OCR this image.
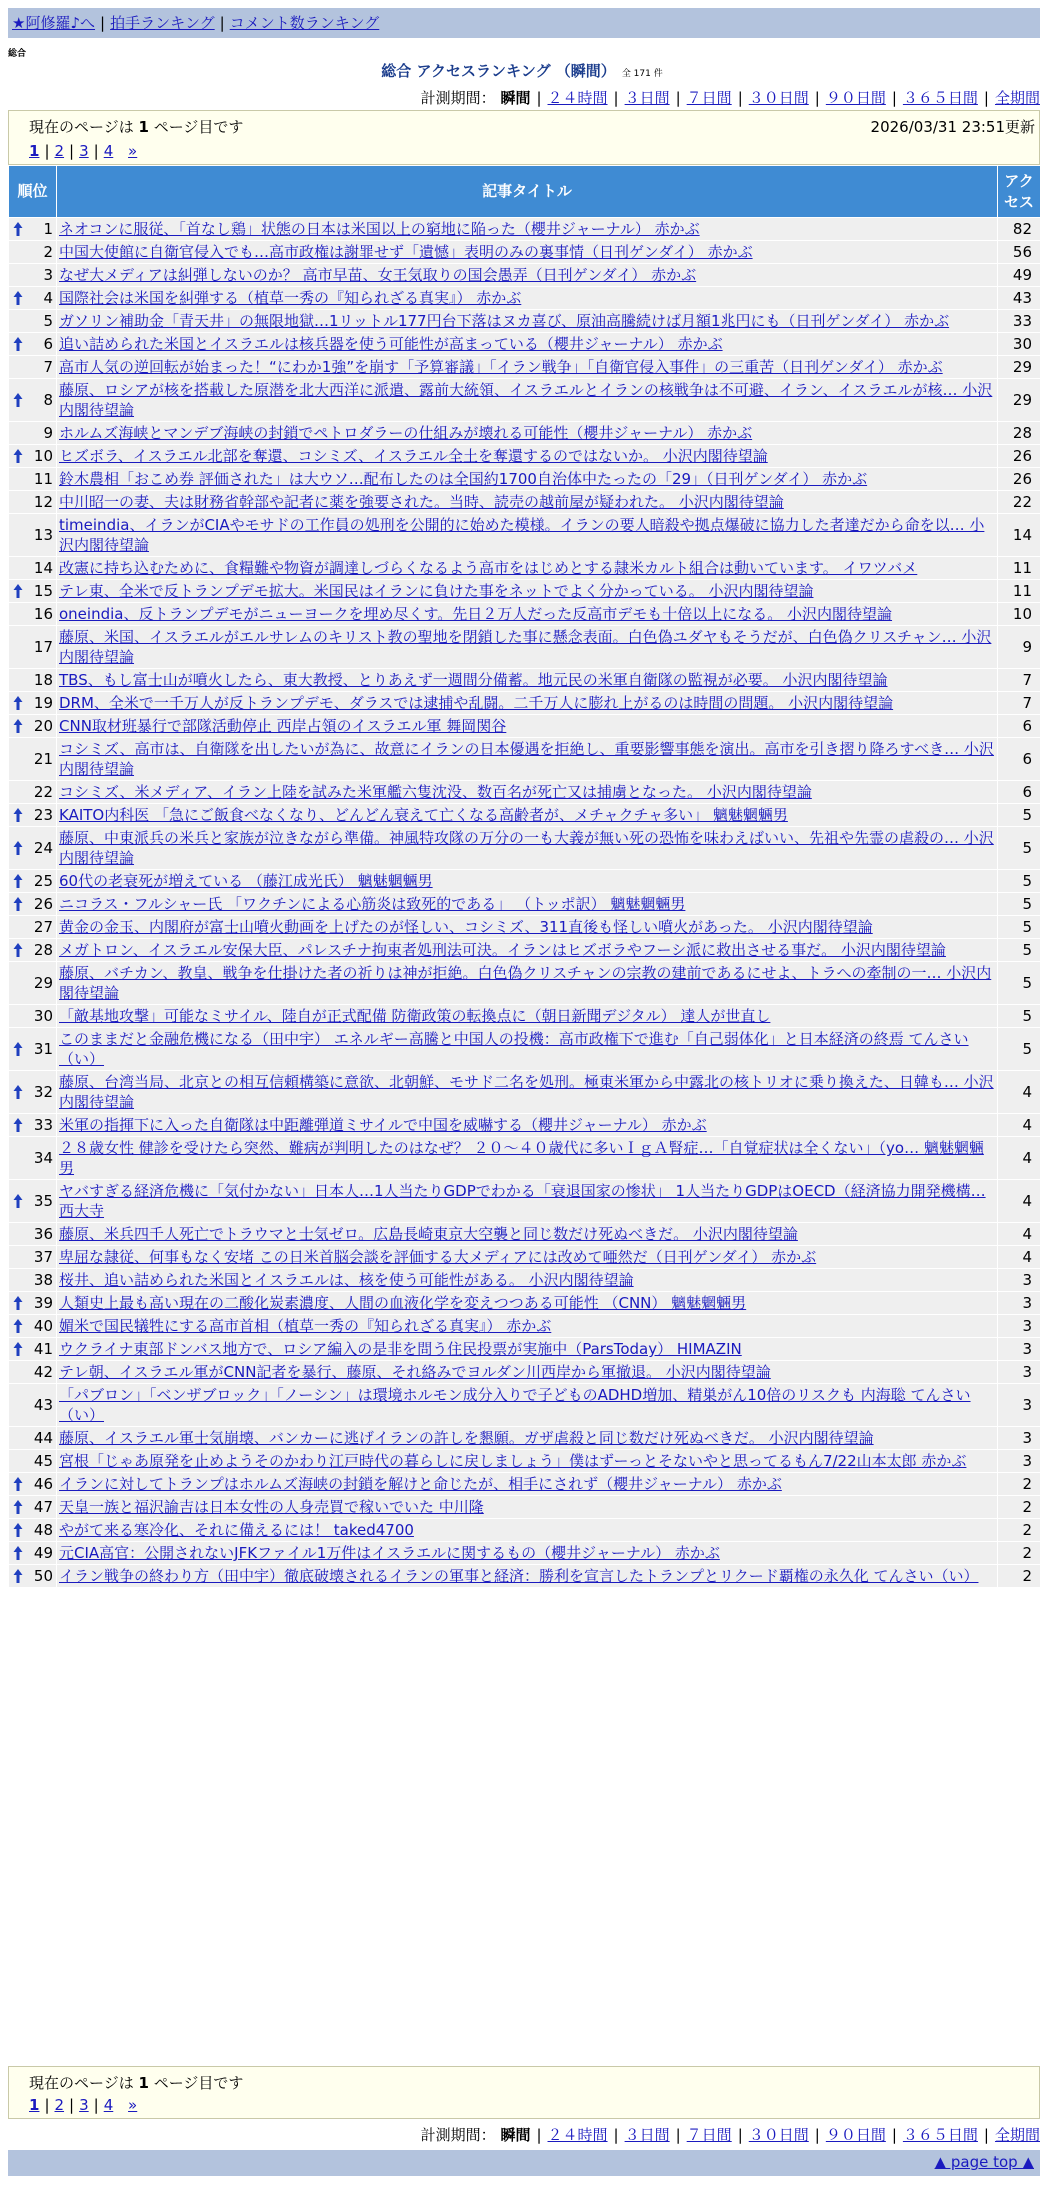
★阿修羅♪へ | 拍手ランキング | コメント数ランキング
総合
総合 アクセスランキング （瞬間） 全 171 件
計測期間： 瞬間 | ２４時間 | ３日間 | ７日間 | ３０日間 | ９０日間 | ３６５日間 | 全期間
現在のページは 1 ページ目です	2026/03/31 23:51更新
1 | 2 | 3 | 4 »
順位	記事タイトル	アクセス

1	ネオコンに服従、「首なし鶏」状態の日本は米国以上の窮地に陥った（櫻井ジャーナル） 赤かぶ	82
2	中国大使館に自衛官侵入でも…高市政権は謝罪せず「遺憾」表明のみの裏事情（日刊ゲンダイ） 赤かぶ	56
3	なぜ大メディアは糾弾しないのか？ 高市早苗、女王気取りの国会愚弄（日刊ゲンダイ） 赤かぶ	49

4	国際社会は米国を糾弾する（植草一秀の『知られざる真実』） 赤かぶ	43
5	ガソリン補助金「青天井」の無限地獄…1リットル177円台下落はヌカ喜び、原油高騰続けば月額1兆円にも（日刊ゲンダイ） 赤かぶ	33

6	追い詰められた米国とイスラエルは核兵器を使う可能性が高まっている（櫻井ジャーナル） 赤かぶ	30
7	高市人気の逆回転が始まった！“にわか1強”を崩す「予算審議」「イラン戦争」「自衛官侵入事件」の三重苦（日刊ゲンダイ） 赤かぶ	29

8	藤原、ロシアが核を搭載した原潜を北大西洋に派遣、露前大統領、イスラエルとイランの核戦争は不可避、イラン、イスラエルが核… 小沢内閣待望論	29
9	ホルムズ海峡とマンデブ海峡の封鎖でペトロダラーの仕組みが壊れる可能性（櫻井ジャーナル） 赤かぶ	28

10	ヒズボラ、イスラエル北部を奪還、コシミズ、イスラエル全土を奪還するのではないか。 小沢内閣待望論	26
11	鈴木農相「おこめ券 評価された」は大ウソ…配布したのは全国約1700自治体中たったの「29」（日刊ゲンダイ） 赤かぶ	26
12	中川昭一の妻、夫は財務省幹部や記者に薬を強要された。当時、読売の越前屋が疑われた。 小沢内閣待望論	22
13	timeindia、イランがCIAやモサドの工作員の処刑を公開的に始めた模様。イランの要人暗殺や拠点爆破に協力した者達だから命を以… 小沢内閣待望論	14
14	改憲に持ち込むために、食糧難や物資が調達しづらくなるよう高市をはじめとする隷米カルト組合は動いています。 イワツバメ	11

15	テレ東、全米で反トランプデモ拡大。米国民はイランに負けた事をネットでよく分かっている。 小沢内閣待望論	11
16	oneindia、反トランプデモがニューヨークを埋め尽くす。先日２万人だった反高市デモも十倍以上になる。 小沢内閣待望論	10
17	藤原、米国、イスラエルがエルサレムのキリスト教の聖地を閉鎖した事に懸念表面。白色偽ユダヤもそうだが、白色偽クリスチャン… 小沢内閣待望論	9
18	TBS、もし富士山が噴火したら、東大教授、とりあえず一週間分備蓄。地元民の米軍自衛隊の監視が必要。 小沢内閣待望論	7

19	DRM、全米で一千万人が反トランプデモ、ダラスでは逮捕や乱闘。二千万人に膨れ上がるのは時間の問題。 小沢内閣待望論	7

20	CNN取材班暴行で部隊活動停止 西岸占領のイスラエル軍 舞岡関谷	6
21	コシミズ、高市は、自衛隊を出したいが為に、故意にイランの日本優遇を拒絶し、重要影響事態を演出。高市を引き摺り降ろすべき… 小沢内閣待望論	6
22	コシミズ、米メディア、イラン上陸を試みた米軍艦六隻沈没、数百名が死亡又は捕虜となった。 小沢内閣待望論	6

23	KAITO内科医 「急にご飯食べなくなり、どんどん衰えて亡くなる高齢者が、メチャクチャ多い」 魑魅魍魎男	5

24	藤原、中東派兵の米兵と家族が泣きながら準備。神風特攻隊の万分の一も大義が無い死の恐怖を味わえばいい、先祖や先霊の虐殺の… 小沢内閣待望論	5

25	60代の老衰死が増えている （藤江成光氏） 魑魅魍魎男	5

26	ニコラス・フルシャー氏 「ワクチンによる心筋炎は致死的である」 （トッポ訳） 魑魅魍魎男	5
27	黄金の金玉、内閣府が富士山噴火動画を上げたのが怪しい、コシミズ、311直後も怪しい噴火があった。 小沢内閣待望論	5

28	メガトロン、イスラエル安保大臣、パレスチナ拘束者処刑法可決。イランはヒズボラやフーシ派に救出させる事だ。 小沢内閣待望論	5
29	藤原、バチカン、教皇、戦争を仕掛けた者の祈りは神が拒絶。白色偽クリスチャンの宗教の建前であるにせよ、トラへの牽制の一… 小沢内閣待望論	5
30	「敵基地攻撃」可能なミサイル、陸自が正式配備 防衛政策の転換点に（朝日新聞デジタル） 達人が世直し	5

31	このままだと金融危機になる（田中宇） エネルギー高騰と中国人の投機：高市政権下で進む「自己弱体化」と日本経済の終焉 てんさい（い）	5

32	藤原、台湾当局、北京との相互信頼構築に意欲、北朝鮮、モサド二名を処刑。極東米軍から中露北の核トリオに乗り換えた、日韓も… 小沢内閣待望論	4

33	米軍の指揮下に入った自衛隊は中距離弾道ミサイルで中国を威嚇する（櫻井ジャーナル） 赤かぶ	4
34	２８歳女性 健診を受けたら突然、難病が判明したのはなぜ？ ２０～４０歳代に多いＩｇＡ腎症…「自覚症状は全くない」（yo… 魑魅魍魎男	4

35	ヤバすぎる経済危機に「気付かない」日本人…1人当たりGDPでわかる「衰退国家の惨状」 1人当たりGDPはOECD（経済協力開発機構… 西大寺	4
36	藤原、米兵四千人死亡でトラウマと士気ゼロ。広島長崎東京大空襲と同じ数だけ死ぬべきだ。 小沢内閣待望論	4
37	卑屈な隷従、何事もなく安堵 この日米首脳会談を評価する大メディアには改めて唖然だ（日刊ゲンダイ） 赤かぶ	4
38	桜井、追い詰められた米国とイスラエルは、核を使う可能性がある。 小沢内閣待望論	3

39	人類史上最も高い現在の二酸化炭素濃度、人間の血液化学を変えつつある可能性 （CNN） 魑魅魍魎男	3

40	媚米で国民犠牲にする高市首相（植草一秀の『知られざる真実』） 赤かぶ	3

41	ウクライナ東部ドンバス地方で、ロシア編入の是非を問う住民投票が実施中（ParsToday） HIMAZIN	3
42	テレ朝、イスラエル軍がCNN記者を暴行、藤原、それ絡みでヨルダン川西岸から軍撤退。 小沢内閣待望論	3
43	「パブロン」「ベンザブロック」「ノーシン」は環境ホルモン成分入りで子どものADHD増加、精巣がん10倍のリスクも 内海聡 てんさい（い）	3
44	藤原、イスラエル軍士気崩壊、バンカーに逃げイランの許しを懇願。ガザ虐殺と同じ数だけ死ぬべきだ。 小沢内閣待望論	3
45	宮根「じゃあ原発を止めようそのかわり江戸時代の暮らしに戻しましょう」僕はずーっとそないやと思ってるもん7/22山本太郎 赤かぶ	3

46	イランに対してトランプはホルムズ海峡の封鎖を解けと命じたが、相手にされず（櫻井ジャーナル） 赤かぶ	2

47	天皇一族と福沢諭吉は日本女性の人身売買で稼いでいた 中川隆	2

48	やがて来る寒冷化、それに備えるには！ taked4700	2

49	元CIA高官：公開されないJFKファイル1万件はイスラエルに関するもの（櫻井ジャーナル） 赤かぶ	2

50	イラン戦争の終わり方（田中宇）徹底破壊されるイランの軍事と経済：勝利を宣言したトランプとリクード覇権の永久化 てんさい（い）	2
現在のページは 1 ページ目です
1 | 2 | 3 | 4 »
計測期間： 瞬間 | ２４時間 | ３日間 | ７日間 | ３０日間 | ９０日間 | ３６５日間 | 全期間
▲ page top ▲
